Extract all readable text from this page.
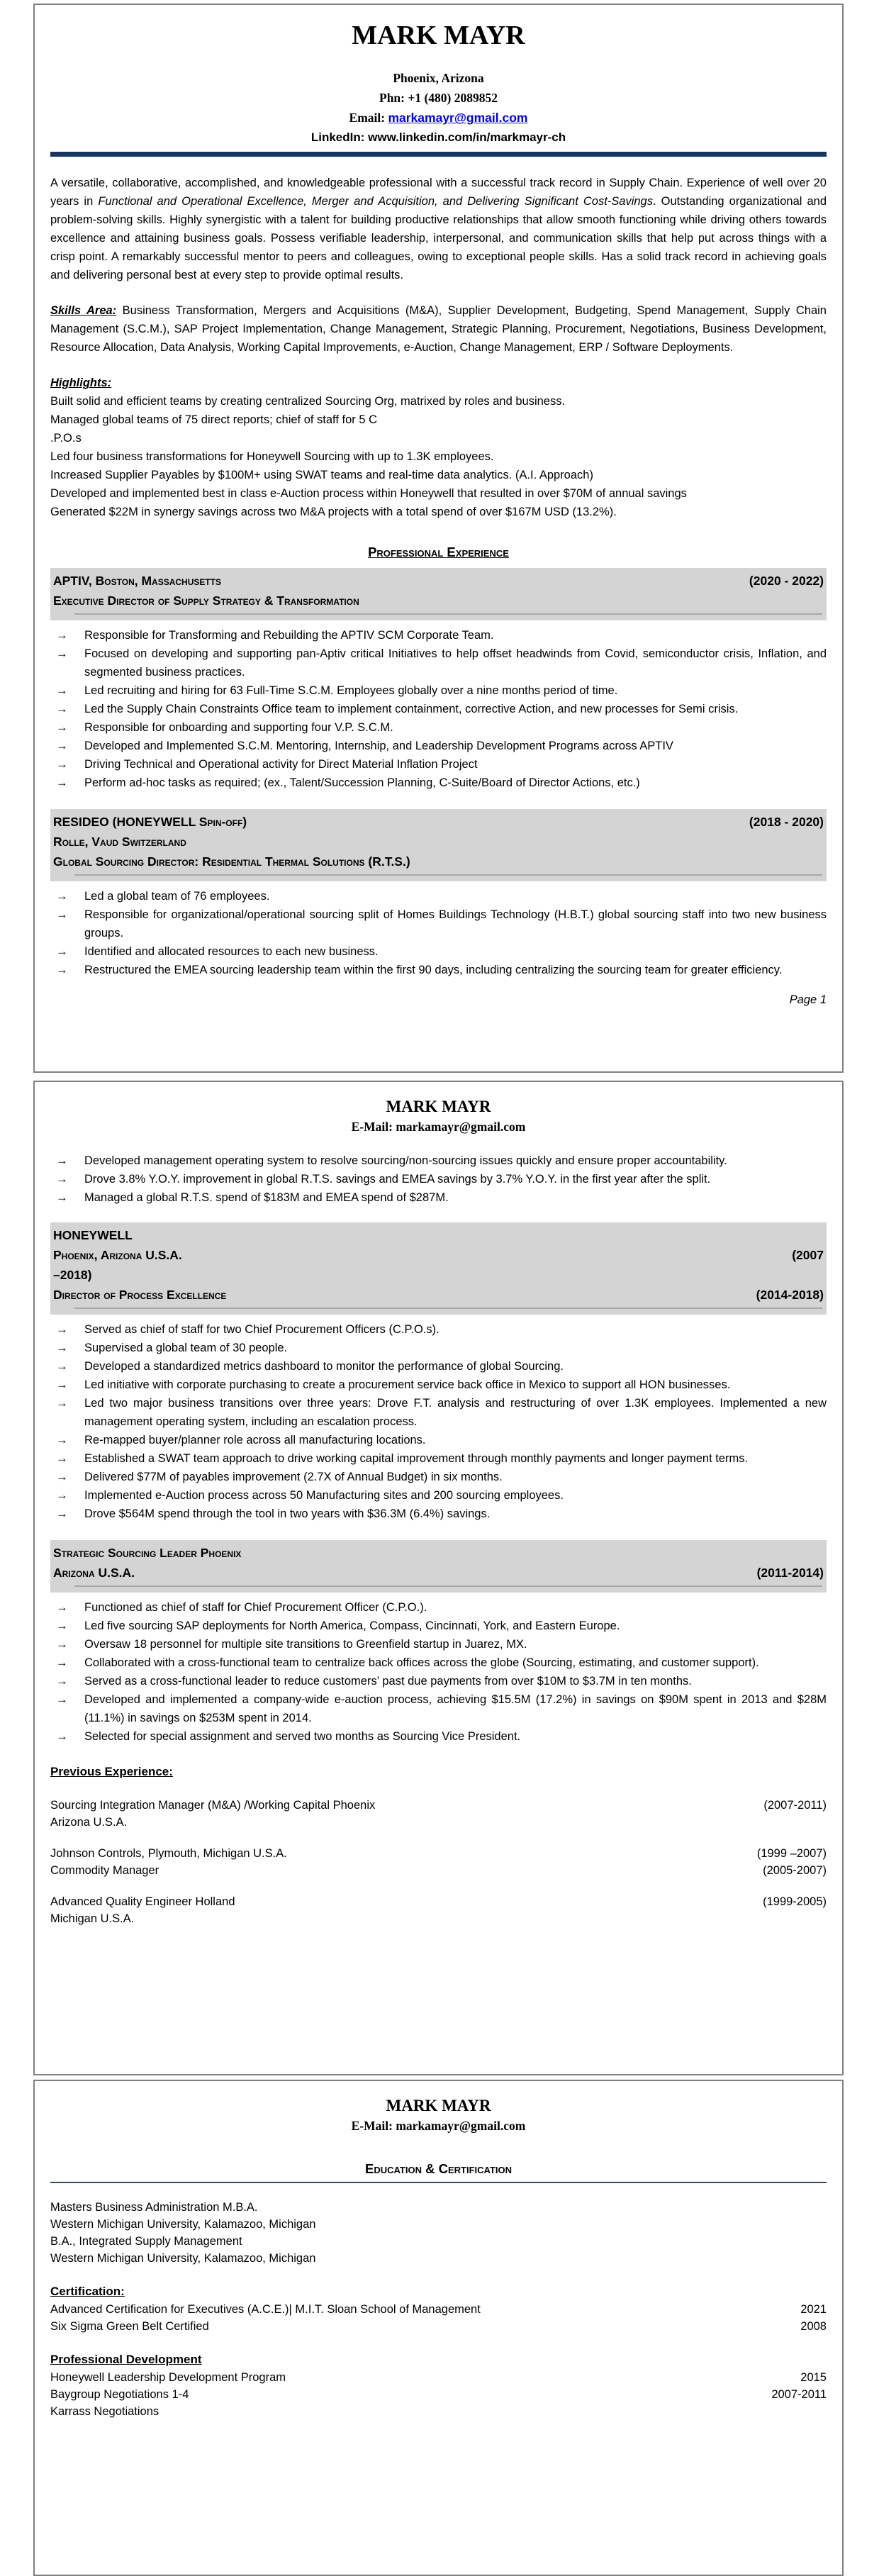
MARK MAYR
Phoenix, Arizona
Phn: +1 (480) 2089852
Email: markamayr@gmail.com
LinkedIn: www.linkedin.com/in/markmayr-ch

A versatile, collaborative, accomplished, and knowledgeable professional with a successful track record in Supply Chain. Experience of well over 20 years in Functional and Operational Excellence, Merger and Acquisition, and Delivering Significant Cost-Savings. Outstanding organizational and problem-solving skills. Highly synergistic with a talent for building productive relationships that allow smooth functioning while driving others towards excellence and attaining business goals. Possess verifiable leadership, interpersonal, and communication skills that help put across things with a crisp point. A remarkably successful mentor to peers and colleagues, owing to exceptional people skills. Has a solid track record in achieving goals and delivering personal best at every step to provide optimal results.

Skills Area: Business Transformation, Mergers and Acquisitions (M&A), Supplier Development, Budgeting, Spend Management, Supply Chain Management (S.C.M.), SAP Project Implementation, Change Management, Strategic Planning, Procurement, Negotiations, Business Development, Resource Allocation, Data Analysis, Working Capital Improvements, e-Auction, Change Management, ERP / Software Deployments.

Highlights:
Built solid and efficient teams by creating centralized Sourcing Org, matrixed by roles and business.
Managed global teams of 75 direct reports; chief of staff for 5 C
.P.O.s
Led four business transformations for Honeywell Sourcing with up to 1.3K employees.
Increased Supplier Payables by $100M+ using SWAT teams and real-time data analytics. (A.I. Approach)
Developed and implemented best in class e-Auction process within Honeywell that resulted in over $70M of annual savings
Generated $22M in synergy savings across two M&A projects with a total spend of over $167M USD (13.2%).
Professional Experience
APTIV, Boston, Massachusetts	(2020 - 2022)
Executive Director of Supply Strategy & Transformation
→	Responsible for Transforming and Rebuilding the APTIV SCM Corporate Team.
→	Focused on developing and supporting pan-Aptiv critical Initiatives to help offset headwinds from Covid, semiconductor crisis, Inflation, and segmented business practices.
→	Led recruiting and hiring for 63 Full-Time S.C.M. Employees globally over a nine months period of time.
→	Led the Supply Chain Constraints Office team to implement containment, corrective Action, and new processes for Semi crisis.
→	Responsible for onboarding and supporting four V.P. S.C.M.
→	Developed and Implemented S.C.M. Mentoring, Internship, and Leadership Development Programs across APTIV
→	Driving Technical and Operational activity for Direct Material Inflation Project
→	Perform ad-hoc tasks as required; (ex., Talent/Succession Planning, C-Suite/Board of Director Actions, etc.)
RESIDEO (HONEYWELL Spin-off)	(2018 - 2020)
Rolle, Vaud Switzerland
Global Sourcing Director: Residential Thermal Solutions (R.T.S.)
→	Led a global team of 76 employees.
→	Responsible for organizational/operational sourcing split of Homes Buildings Technology (H.B.T.) global sourcing staff into two new business groups.
→	Identified and allocated resources to each new business.
→	Restructured the EMEA sourcing leadership team within the first 90 days, including centralizing the sourcing team for greater efficiency.
Page 1
MARK MAYR
E-Mail: markamayr@gmail.com
→	Developed management operating system to resolve sourcing/non-sourcing issues quickly and ensure proper accountability.
→	Drove 3.8% Y.O.Y. improvement in global R.T.S. savings and EMEA savings by 3.7% Y.O.Y. in the first year after the split.
→	Managed a global R.T.S. spend of $183M and EMEA spend of $287M.
HONEYWELL
Phoenix, Arizona U.S.A.	(2007
–2018)
Director of Process Excellence	(2014-2018)
→	Served as chief of staff for two Chief Procurement Officers (C.P.O.s).
→	Supervised a global team of 30 people.
→	Developed a standardized metrics dashboard to monitor the performance of global Sourcing.
→	Led initiative with corporate purchasing to create a procurement service back office in Mexico to support all HON businesses.
→	Led two major business transitions over three years: Drove F.T. analysis and restructuring of over 1.3K employees. Implemented a new management operating system, including an escalation process.
→	Re-mapped buyer/planner role across all manufacturing locations.
→	Established a SWAT team approach to drive working capital improvement through monthly payments and longer payment terms.
→	Delivered $77M of payables improvement (2.7X of Annual Budget) in six months.
→	Implemented e-Auction process across 50 Manufacturing sites and 200 sourcing employees.
→	Drove $564M spend through the tool in two years with $36.3M (6.4%) savings.
Strategic Sourcing Leader Phoenix
Arizona U.S.A.	(2011-2014)
→	Functioned as chief of staff for Chief Procurement Officer (C.P.O.).
→	Led five sourcing SAP deployments for North America, Compass, Cincinnati, York, and Eastern Europe.
→	Oversaw 18 personnel for multiple site transitions to Greenfield startup in Juarez, MX.
→	Collaborated with a cross-functional team to centralize back offices across the globe (Sourcing, estimating, and customer support).
→	Served as a cross-functional leader to reduce customers’ past due payments from over $10M to $3.7M in ten months.
→	Developed and implemented a company-wide e-auction process, achieving $15.5M (17.2%) in savings on $90M spent in 2013 and $28M (11.1%) in savings on $253M spent in 2014.
→	Selected for special assignment and served two months as Sourcing Vice President.
Previous Experience:
Sourcing Integration Manager (M&A) /Working Capital Phoenix	(2007-2011)
Arizona U.S.A.
Johnson Controls, Plymouth, Michigan U.S.A.	(1999 –2007)
Commodity Manager	(2005-2007)
Advanced Quality Engineer Holland	(1999-2005)
Michigan U.S.A.
MARK MAYR
E-Mail: markamayr@gmail.com
Education & Certification
Masters Business Administration M.B.A.
Western Michigan University, Kalamazoo, Michigan
B.A., Integrated Supply Management
Western Michigan University, Kalamazoo, Michigan
Certification:
Advanced Certification for Executives (A.C.E.)| M.I.T. Sloan School of Management	2021
Six Sigma Green Belt Certified	2008
Professional Development
Honeywell Leadership Development Program	2015
Baygroup Negotiations 1-4	2007-2011
Karrass Negotiations
